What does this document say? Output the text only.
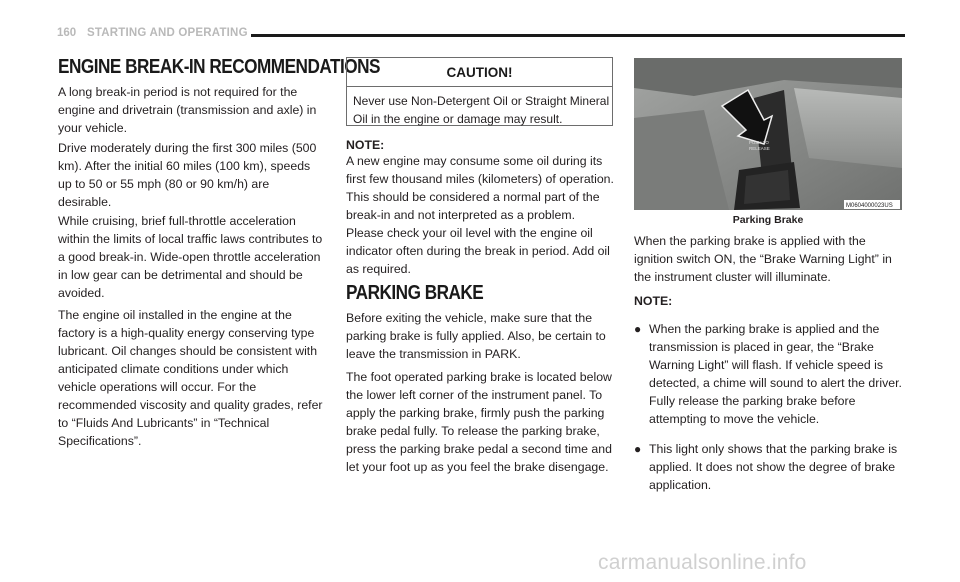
160 STARTING AND OPERATING
ENGINE BREAK-IN RECOMMENDATIONS

A long break-in period is not required for the engine and drivetrain (transmission and axle) in your vehicle.

Drive moderately during the first 300 miles (500 km). After the initial 60 miles (100 km), speeds up to 50 or 55 mph (80 or 90 km/h) are desirable.

While cruising, brief full-throttle acceleration within the limits of local traffic laws contributes to a good break-in. Wide-open throttle acceleration in low gear can be detrimental and should be avoided.

The engine oil installed in the engine at the factory is a high-quality energy conserving type lubricant. Oil changes should be consistent with anticipated climate conditions under which vehicle operations will occur. For the recommended viscosity and quality grades, refer to “Fluids And Lubricants” in “Technical Specifications”.

CAUTION!
Never use Non-Detergent Oil or Straight Mineral Oil in the engine or damage may result.
NOTE:

A new engine may consume some oil during its first few thousand miles (kilometers) of operation. This should be considered a normal part of the break-in and not interpreted as a problem. Please check your oil level with the engine oil indicator often during the break in period. Add oil as required.

PARKING BRAKE

Before exiting the vehicle, make sure that the parking brake is fully applied. Also, be certain to leave the transmission in PARK.

The foot operated parking brake is located below the lower left corner of the instrument panel. To apply the parking brake, firmly push the parking brake pedal fully. To release the parking brake, press the parking brake pedal a second time and let your foot up as you feel the brake disengage.

PUSH TO
RELEASE
M0604000023US
Parking Brake

When the parking brake is applied with the ignition switch ON, the “Brake Warning Light” in the instrument cluster will illuminate.

NOTE:
● When the parking brake is applied and the transmission is placed in gear, the “Brake Warning Light” will flash. If vehicle speed is detected, a chime will sound to alert the driver. Fully release the parking brake before attempting to move the vehicle.
● This light only shows that the parking brake is applied. It does not show the degree of brake application.
carmanualsonline.info
